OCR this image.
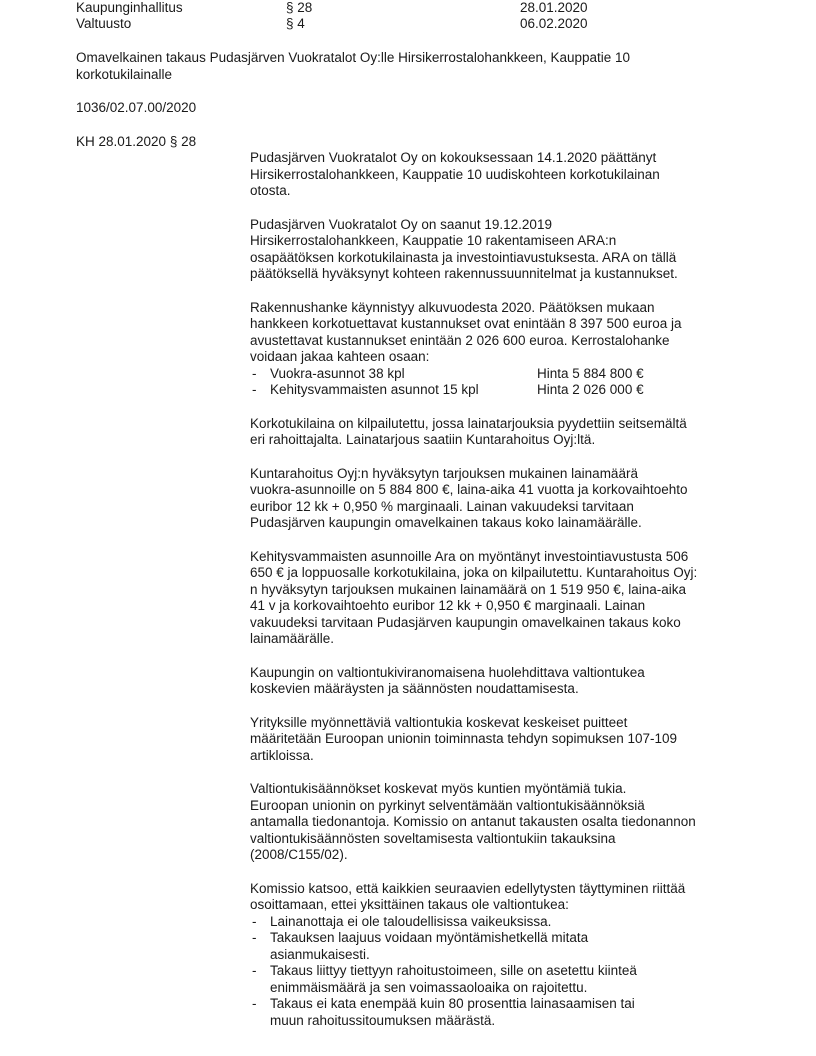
Kaupunginhallitus	§ 28	28.01.2020
Valtuusto	§ 4	06.02.2020
Omavelkainen takaus Pudasjärven Vuokratalot Oy:lle Hirsikerrostalohankkeen, Kauppatie 10
korkotukilainalle
1036/02.07.00/2020
KH 28.01.2020 § 28

Pudasjärven Vuokratalot Oy on kokouksessaan 14.1.2020 päättänyt
Hirsikerrostalohankkeen, Kauppatie 10 uudiskohteen korkotukilainan
otosta.

Pudasjärven Vuokratalot Oy on saanut 19.12.2019
Hirsikerrostalohankkeen, Kauppatie 10 rakentamiseen ARA:n
osapäätöksen korkotukilainasta ja investointiavustuksesta. ARA on tällä
päätöksellä hyväksynyt kohteen rakennussuunnitelmat ja kustannukset.

Rakennushanke käynnistyy alkuvuodesta 2020. Päätöksen mukaan
hankkeen korkotuettavat kustannukset ovat enintään 8 397 500 euroa ja
avustettavat kustannukset enintään 2 026 600 euroa. Kerrostalohanke
voidaan jakaa kahteen osaan:
- Vuokra-asunnot 38 kpl	Hinta 5 884 800 €
- Kehitysvammaisten asunnot 15 kpl	Hinta 2 026 000 €

Korkotukilaina on kilpailutettu, jossa lainatarjouksia pyydettiin seitsemältä
eri rahoittajalta. Lainatarjous saatiin Kuntarahoitus Oyj:ltä.

Kuntarahoitus Oyj:n hyväksytyn tarjouksen mukainen lainamäärä
vuokra-asunnoille on 5 884 800 €, laina-aika 41 vuotta ja korkovaihtoehto
euribor 12 kk + 0,950 % marginaali. Lainan vakuudeksi tarvitaan
Pudasjärven kaupungin omavelkainen takaus koko lainamäärälle.

Kehitysvammaisten asunnoille Ara on myöntänyt investointiavustusta 506
650 € ja loppuosalle korkotukilaina, joka on kilpailutettu. Kuntarahoitus Oyj:
n hyväksytyn tarjouksen mukainen lainamäärä on 1 519 950 €, laina-aika
41 v ja korkovaihtoehto euribor 12 kk + 0,950 € marginaali. Lainan
vakuudeksi tarvitaan Pudasjärven kaupungin omavelkainen takaus koko
lainamäärälle.

Kaupungin on valtiontukiviranomaisena huolehdittava valtiontukea
koskevien määräysten ja säännösten noudattamisesta.

Yrityksille myönnettäviä valtiontukia koskevat keskeiset puitteet
määritetään Euroopan unionin toiminnasta tehdyn sopimuksen 107-109
artikloissa.

Valtiontukisäännökset koskevat myös kuntien myöntämiä tukia.
Euroopan unionin on pyrkinyt selventämään valtiontukisäännöksiä
antamalla tiedonantoja. Komissio on antanut takausten osalta tiedonannon
valtiontukisäännösten soveltamisesta valtiontukiin takauksina
(2008/C155/02).

Komissio katsoo, että kaikkien seuraavien edellytysten täyttyminen riittää
osoittamaan, ettei yksittäinen takaus ole valtiontukea:
- Lainanottaja ei ole taloudellisissa vaikeuksissa.
- Takauksen laajuus voidaan myöntämishetkellä mitata
asianmukaisesti.
- Takaus liittyy tiettyyn rahoitustoimeen, sille on asetettu kiinteä
enimmäismäärä ja sen voimassaoloaika on rajoitettu.
- Takaus ei kata enempää kuin 80 prosenttia lainasaamisen tai
muun rahoitussitoumuksen määrästä.
